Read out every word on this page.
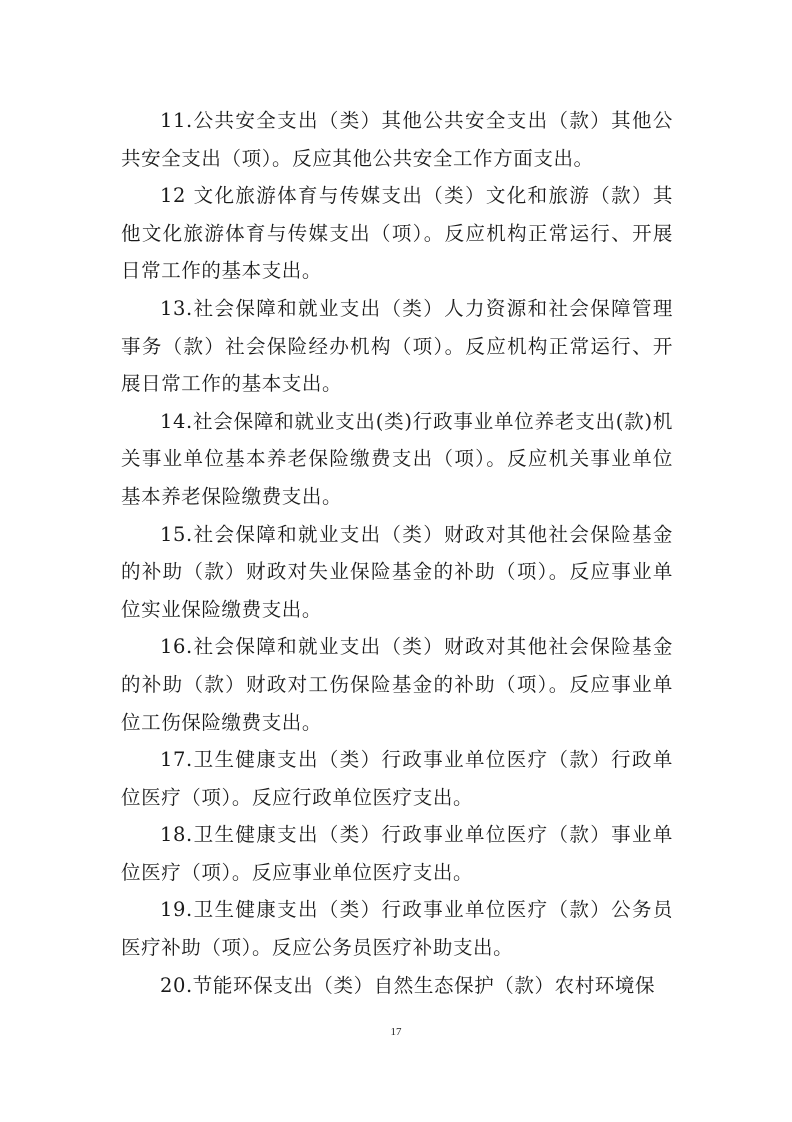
11.公共安全支出（类）其他公共安全支出（款）其他公共安全支出（项）。反应其他公共安全工作方面支出。

12 文化旅游体育与传媒支出（类）文化和旅游（款）其他文化旅游体育与传媒支出（项）。反应机构正常运行、开展日常工作的基本支出。

13.社会保障和就业支出（类）人力资源和社会保障管理事务（款）社会保险经办机构（项）。反应机构正常运行、开展日常工作的基本支出。

14.社会保障和就业支出(类)行政事业单位养老支出(款)机关事业单位基本养老保险缴费支出（项）。反应机关事业单位基本养老保险缴费支出。

15.社会保障和就业支出（类）财政对其他社会保险基金的补助（款）财政对失业保险基金的补助（项）。反应事业单位实业保险缴费支出。

16.社会保障和就业支出（类）财政对其他社会保险基金的补助（款）财政对工伤保险基金的补助（项）。反应事业单位工伤保险缴费支出。

17.卫生健康支出（类）行政事业单位医疗（款）行政单位医疗（项）。反应行政单位医疗支出。

18.卫生健康支出（类）行政事业单位医疗（款）事业单位医疗（项）。反应事业单位医疗支出。

19.卫生健康支出（类）行政事业单位医疗（款）公务员医疗补助（项）。反应公务员医疗补助支出。

20.节能环保支出（类）自然生态保护（款）农村环境保

17
